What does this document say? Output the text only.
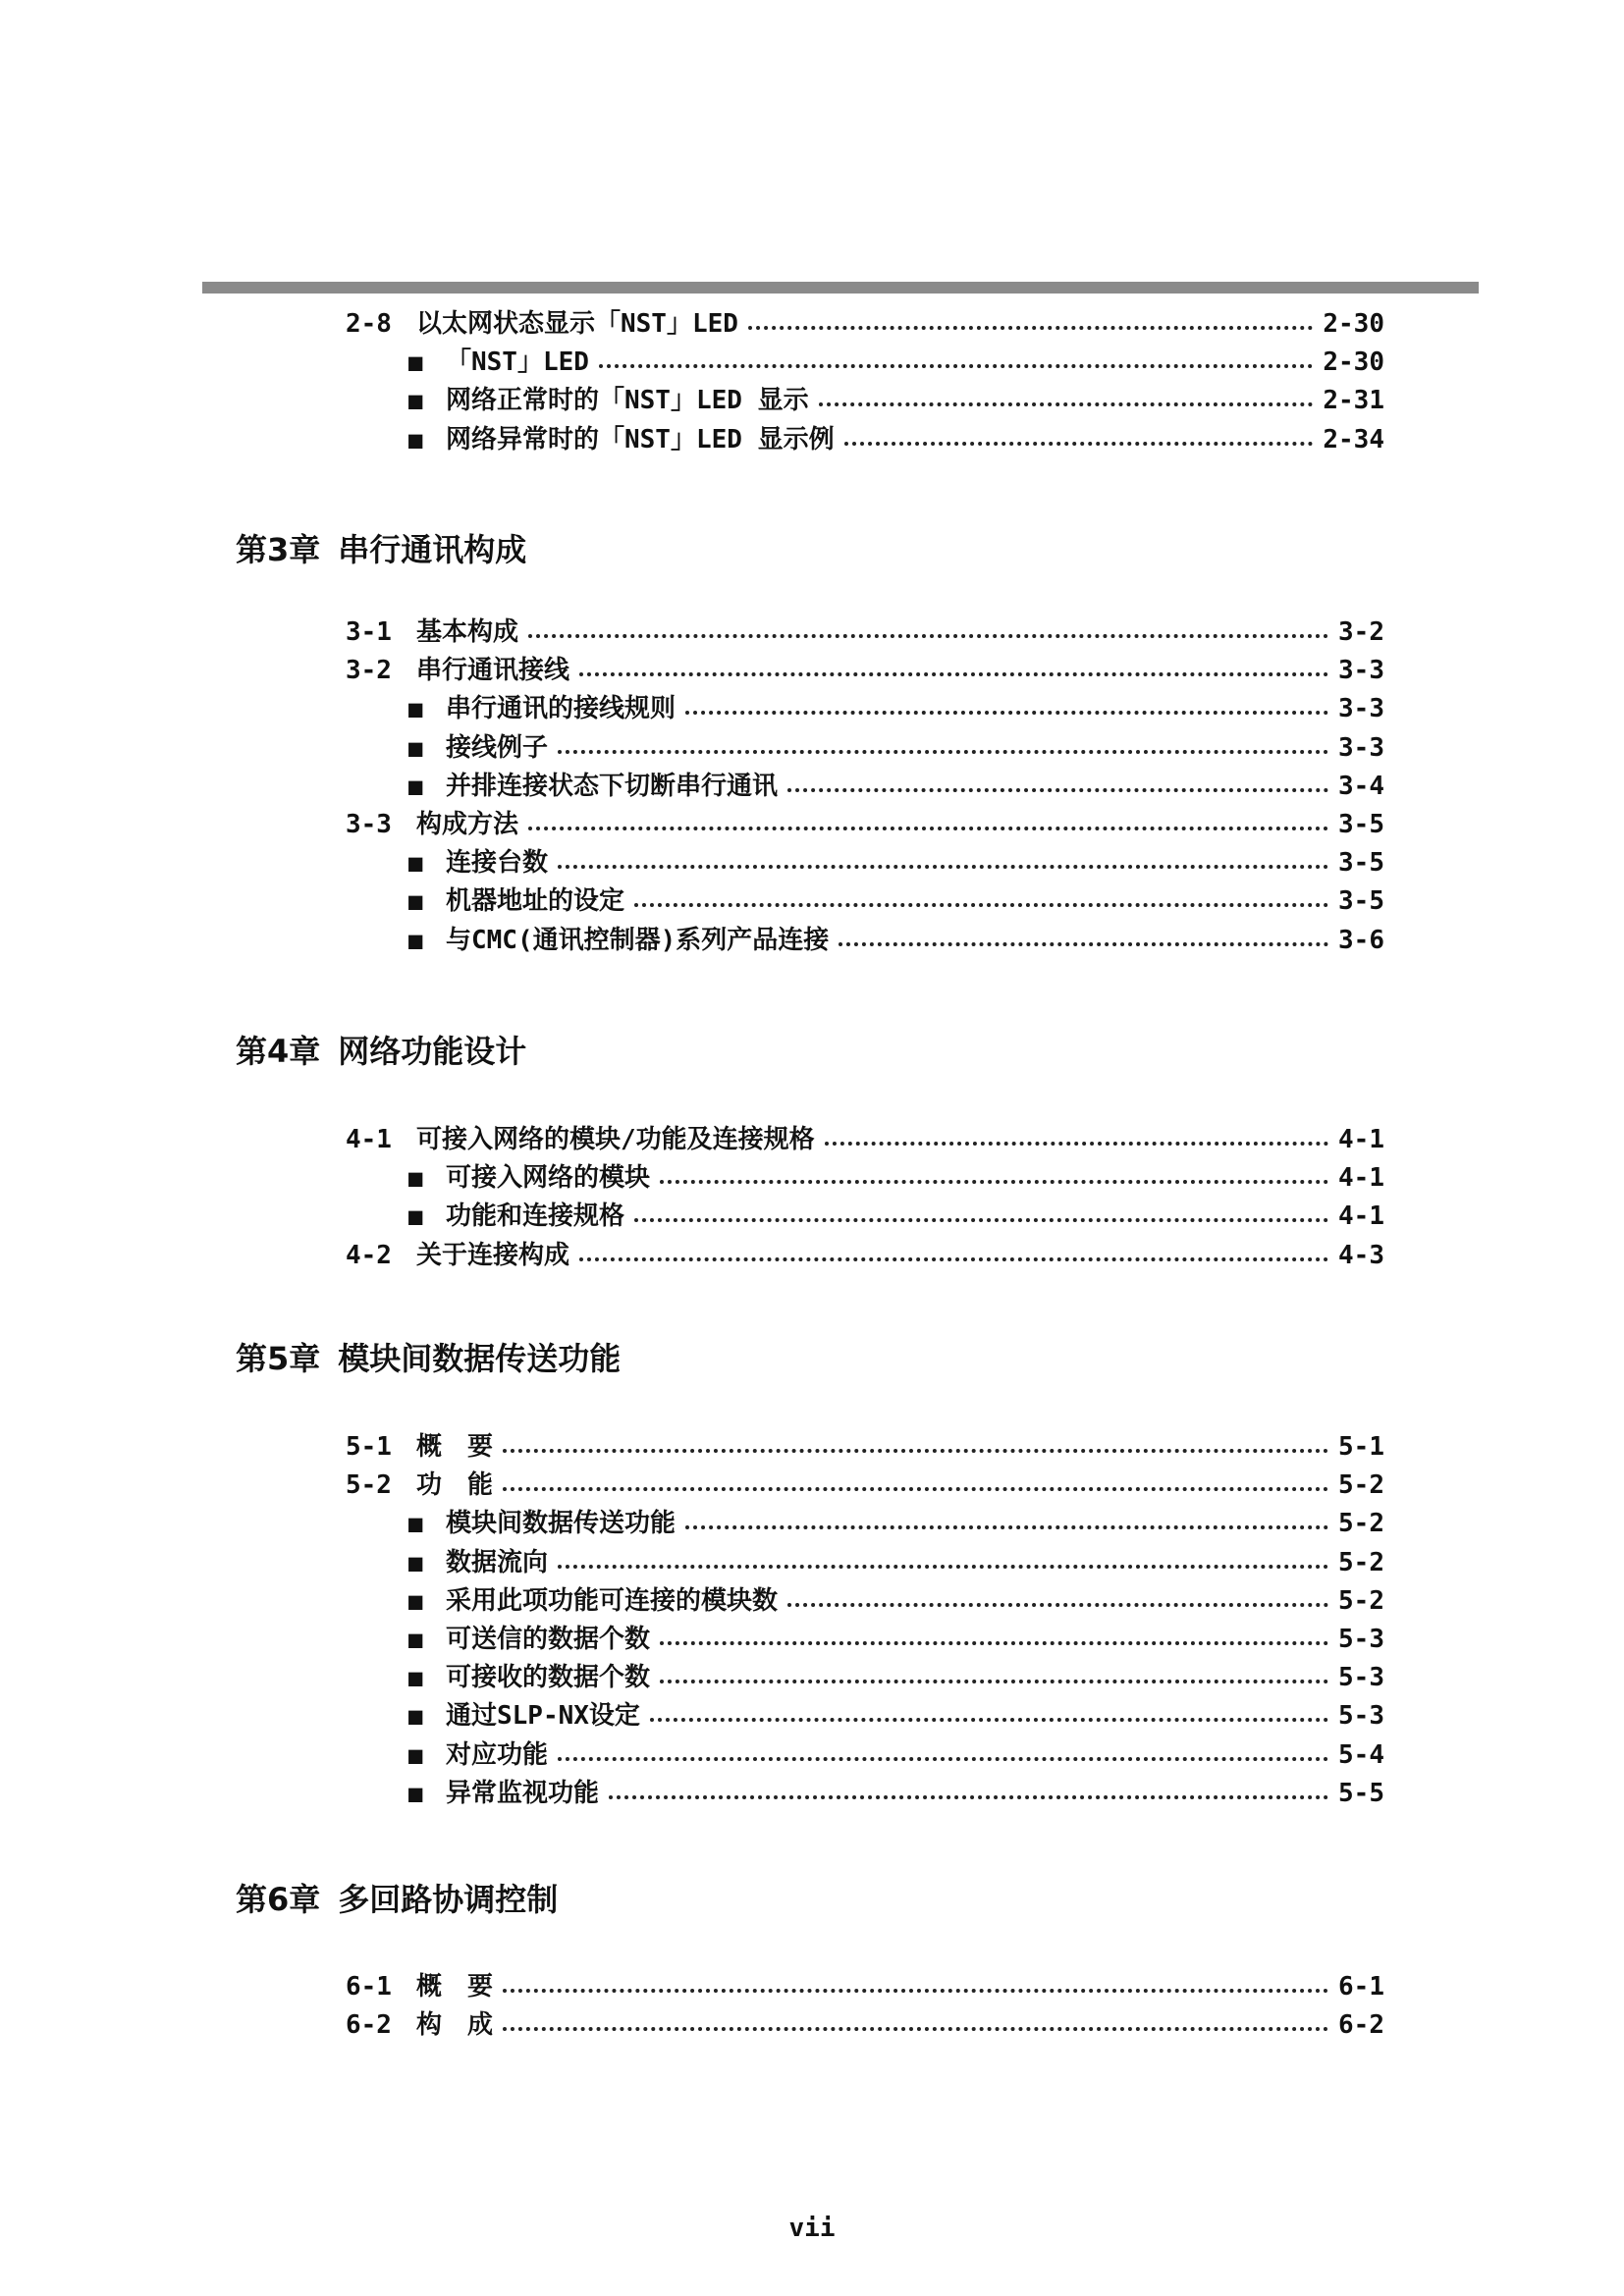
2-8 以太网状态显示「NST」LED	2-30
■ 「NST」LED	2-30
■ 网络正常时的「NST」LED 显示	2-31
■ 网络异常时的「NST」LED 显示例	2-34
第3章 串行通讯构成
3-1 基本构成	3-2
3-2 串行通讯接线	3-3
■ 串行通讯的接线规则	3-3
■ 接线例子	3-3
■ 并排连接状态下切断串行通讯	3-4
3-3 构成方法	3-5
■ 连接台数	3-5
■ 机器地址的设定	3-5
■ 与CMC(通讯控制器)系列产品连接	3-6
第4章 网络功能设计
4-1 可接入网络的模块/功能及连接规格	4-1
■ 可接入网络的模块	4-1
■ 功能和连接规格	4-1
4-2 关于连接构成	4-3
第5章 模块间数据传送功能
5-1 概　要	5-1
5-2 功　能	5-2
■ 模块间数据传送功能	5-2
■ 数据流向	5-2
■ 采用此项功能可连接的模块数	5-2
■ 可送信的数据个数	5-3
■ 可接收的数据个数	5-3
■ 通过SLP-NX设定	5-3
■ 对应功能	5-4
■ 异常监视功能	5-5
第6章 多回路协调控制
6-1 概　要	6-1
6-2 构　成	6-2
vii
